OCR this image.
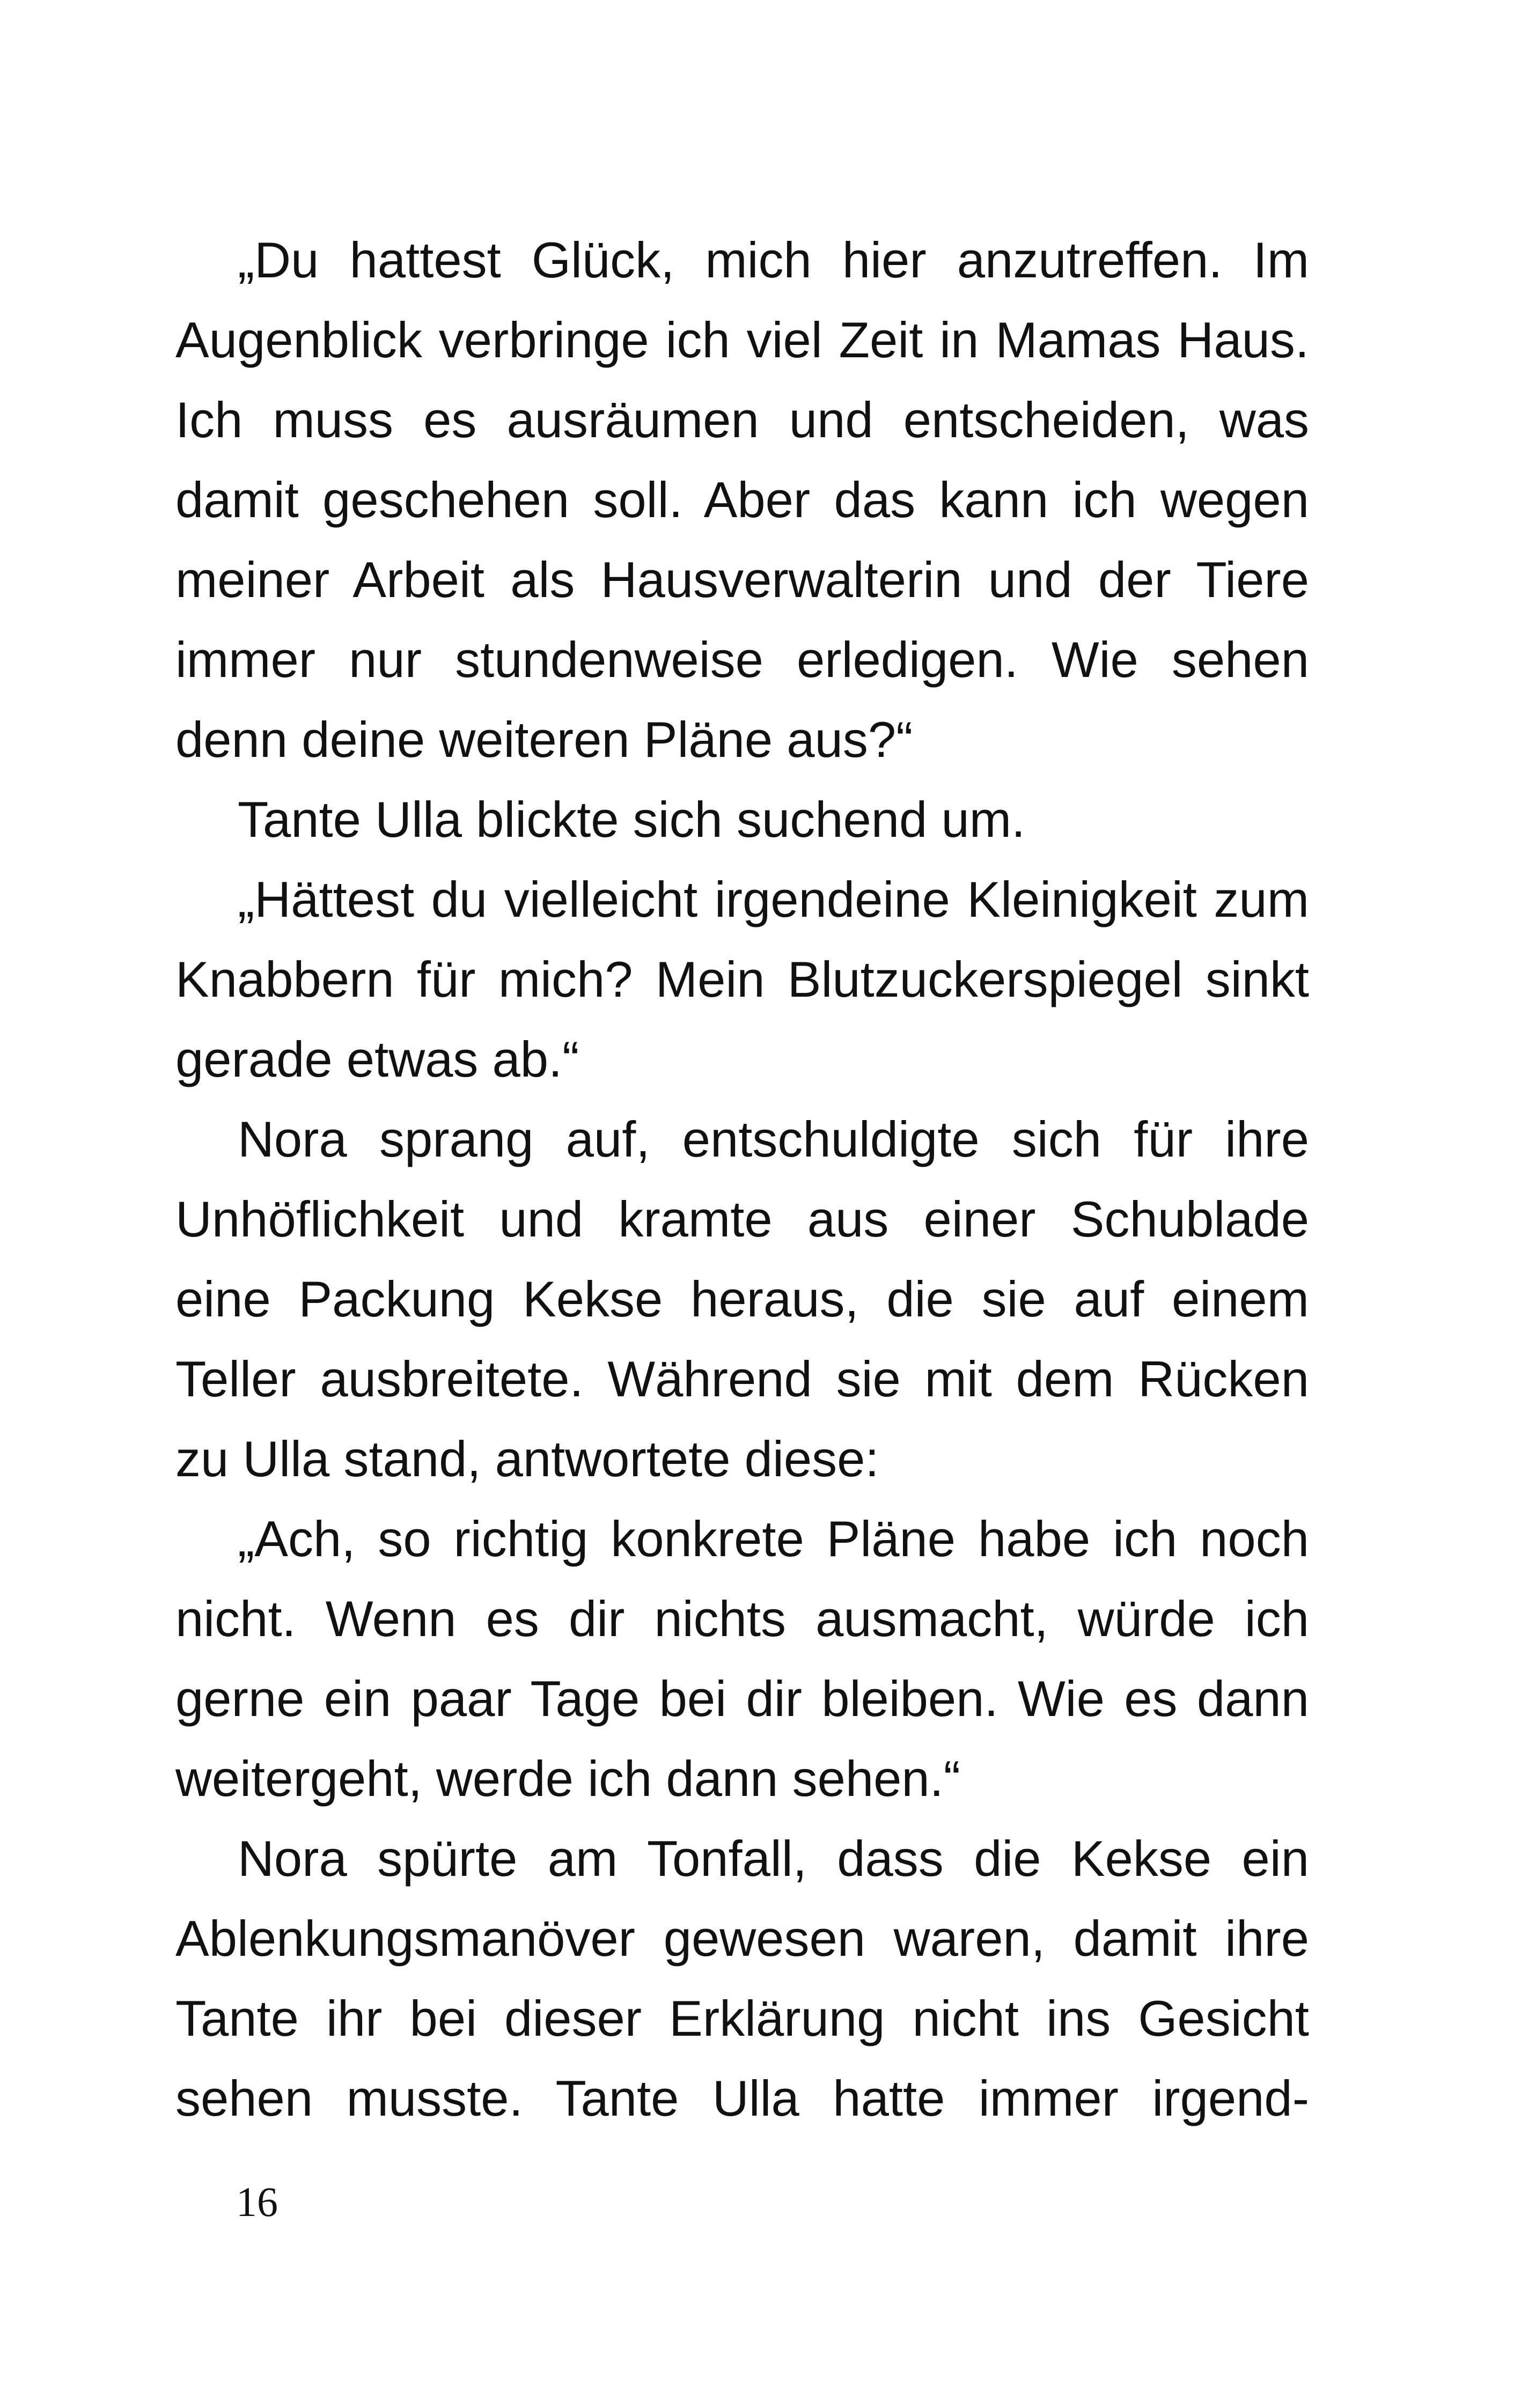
„Du hattest Glück, mich hier anzutreffen. Im Augenblick verbringe ich viel Zeit in Mamas Haus. Ich muss es ausräumen und entscheiden, was damit geschehen soll. Aber das kann ich wegen meiner Arbeit als Hausverwalterin und der Tiere immer nur stundenweise erledigen. Wie sehen denn deine weiteren Pläne aus?“

Tante Ulla blickte sich suchend um.

„Hättest du vielleicht irgendeine Kleinigkeit zum Knabbern für mich? Mein Blutzuckerspiegel sinkt gerade etwas ab.“

Nora sprang auf, entschuldigte sich für ihre Unhöflichkeit und kramte aus einer Schublade eine Packung Kekse heraus, die sie auf einem Teller ausbreitete. Während sie mit dem Rücken zu Ulla stand, antwortete diese:

„Ach, so richtig konkrete Pläne habe ich noch nicht. Wenn es dir nichts ausmacht, würde ich gerne ein paar Tage bei dir bleiben. Wie es dann weitergeht, werde ich dann sehen.“

Nora spürte am Tonfall, dass die Kekse ein Ablenkungsmanöver gewesen waren, damit ihre Tante ihr bei dieser Erklärung nicht ins Gesicht sehen musste. Tante Ulla hatte immer irgend-

16
